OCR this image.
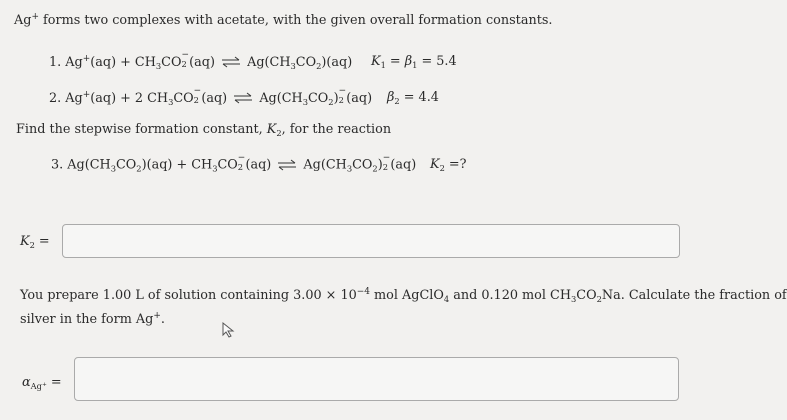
Ag+ forms two complexes with acetate, with the given overall formation constants.
1. $Ag^+(aq) + CH_3CO$ −
2 (aq) ⇌ $Ag(CH_3CO_2)(aq) K_1 = \beta_1 = 5.4$
2. Ag+(aq) + 2 $CH_3CO$ −
2 (aq) ⇌ $Ag(CH_3CO_2)$ −
2 (aq) $\beta_2 = 4.4$
Find the stepwise formation constant, $K_2$, for the reaction
3. $Ag(CH_3CO_2)(aq) + CH_3CO$ −
2 (aq) ⇌ $Ag(CH_3CO_2)$ −
2 (aq) $K_2$ =?
$K_2$ =
You prepare 1.00 L of solution containing $3.00 \times 10^{-4}$ mol AgClO$_4$ and 0.120 mol $CH_3CO_2Na$. Calculate the fraction of
silver in the form Ag+.
$\alpha_{Ag^+}$ =
